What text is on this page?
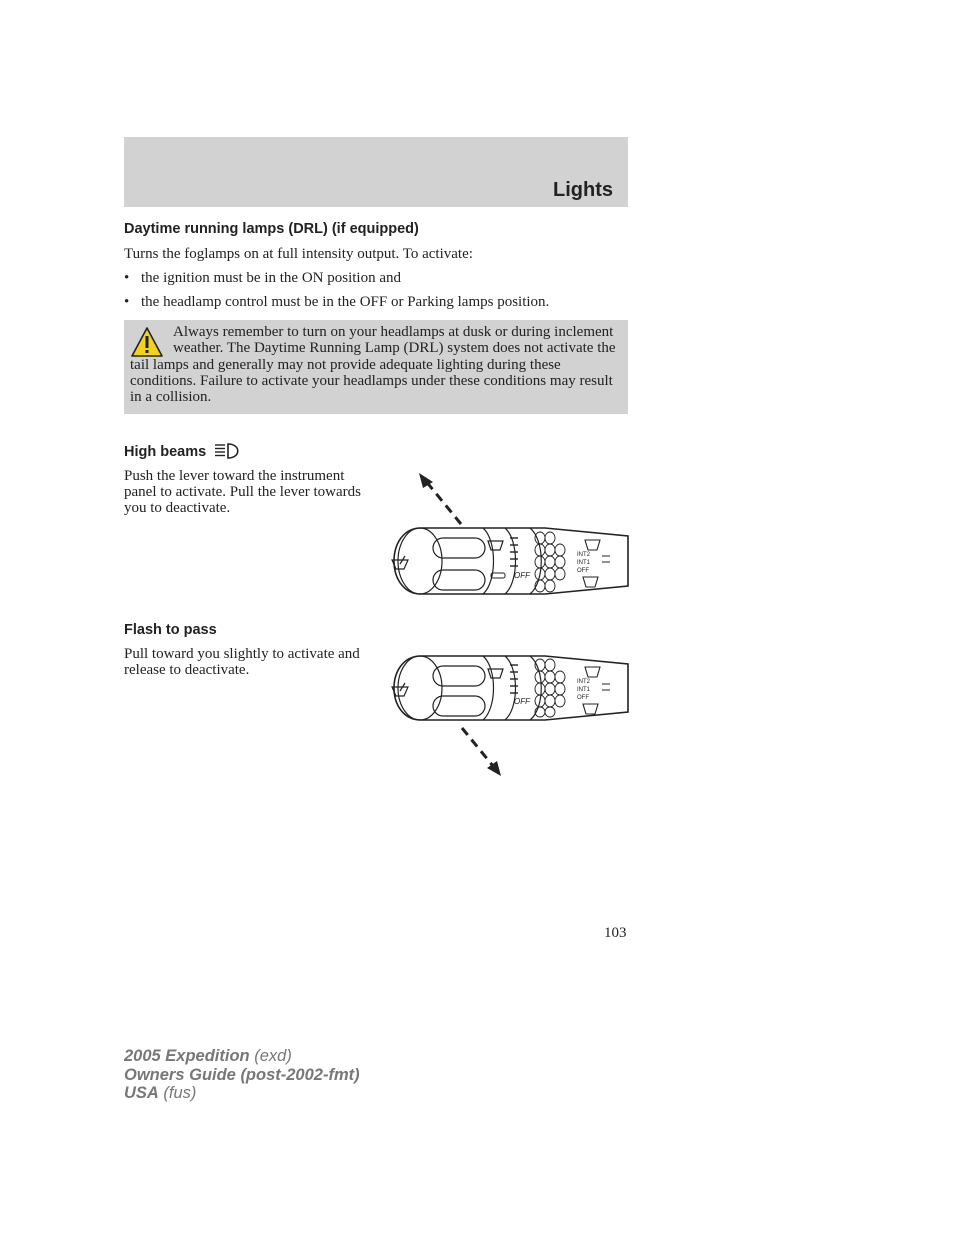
Lights
Daytime running lamps (DRL) (if equipped)
Turns the foglamps on at full intensity output. To activate:
• the ignition must be in the ON position and
• the headlamp control must be in the OFF or Parking lamps position.
Always remember to turn on your headlamps at dusk or during inclement weather. The Daytime Running Lamp (DRL) system does not activate the tail lamps and generally may not provide adequate lighting during these conditions. Failure to activate your headlamps under these conditions may result in a collision.
High beams
Push the lever toward the instrument panel to activate. Pull the lever towards you to deactivate.
OFF
INT2
INT1
OFF
Flash to pass
Pull toward you slightly to activate and release to deactivate.
OFF
INT2
INT1
OFF
103
2005 Expedition (exd)
Owners Guide (post-2002-fmt)
USA (fus)
